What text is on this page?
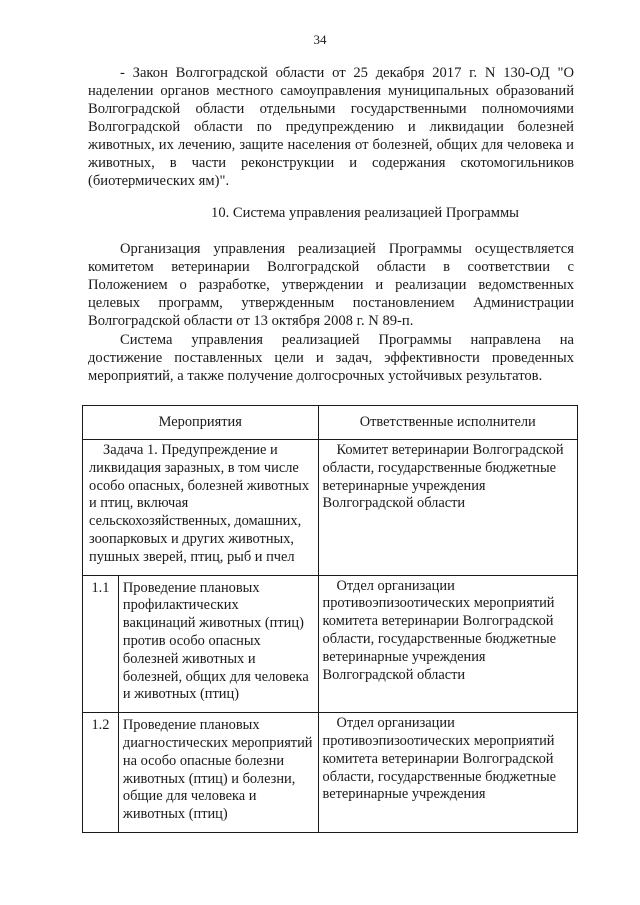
34
- Закон Волгоградской области от 25 декабря 2017 г. N 130-ОД "О наделении органов местного самоуправления муниципальных образований Волгоградской области отдельными государственными полномочиями Волгоградской области по предупреждению и ликвидации болезней животных, их лечению, защите населения от болезней, общих для человека и животных, в части реконструкции и содержания скотомогильников (биотермических ям)".
10. Система управления реализацией Программы
Организация управления реализацией Программы осуществляется комитетом ветеринарии Волгоградской области в соответствии с Положением о разработке, утверждении и реализации ведомственных целевых программ, утвержденным постановлением Администрации Волгоградской области от 13 октября 2008 г. N 89-п.
Система управления реализацией Программы направлена на достижение поставленных цели и задач, эффективности проведенных мероприятий, а также получение долгосрочных устойчивых результатов.
Мероприятия		Ответственные исполнители

Задача 1. Предупреждение и ликвидация заразных, в том числе особо опасных, болезней животных и птиц, включая сельскохозяйственных, домашних, зоопарковых и других животных, пушных зверей, птиц, рыб и пчел		Комитет ветеринарии Волгоградской области, государственные бюджетные ветеринарные учреждения Волгоградской области

1.1	Проведение плановых профилактических вакцинаций животных (птиц) против особо опасных болезней животных и болезней, общих для человека и животных (птиц)	Отдел организации противоэпизоотических мероприятий комитета ветеринарии Волгоградской области, государственные бюджетные ветеринарные учреждения Волгоградской области

1.2	Проведение плановых диагностических мероприятий на особо опасные болезни животных (птиц) и болезни, общие для человека и животных (птиц)	Отдел организации противоэпизоотических мероприятий комитета ветеринарии Волгоградской области, государственные бюджетные ветеринарные учреждения
